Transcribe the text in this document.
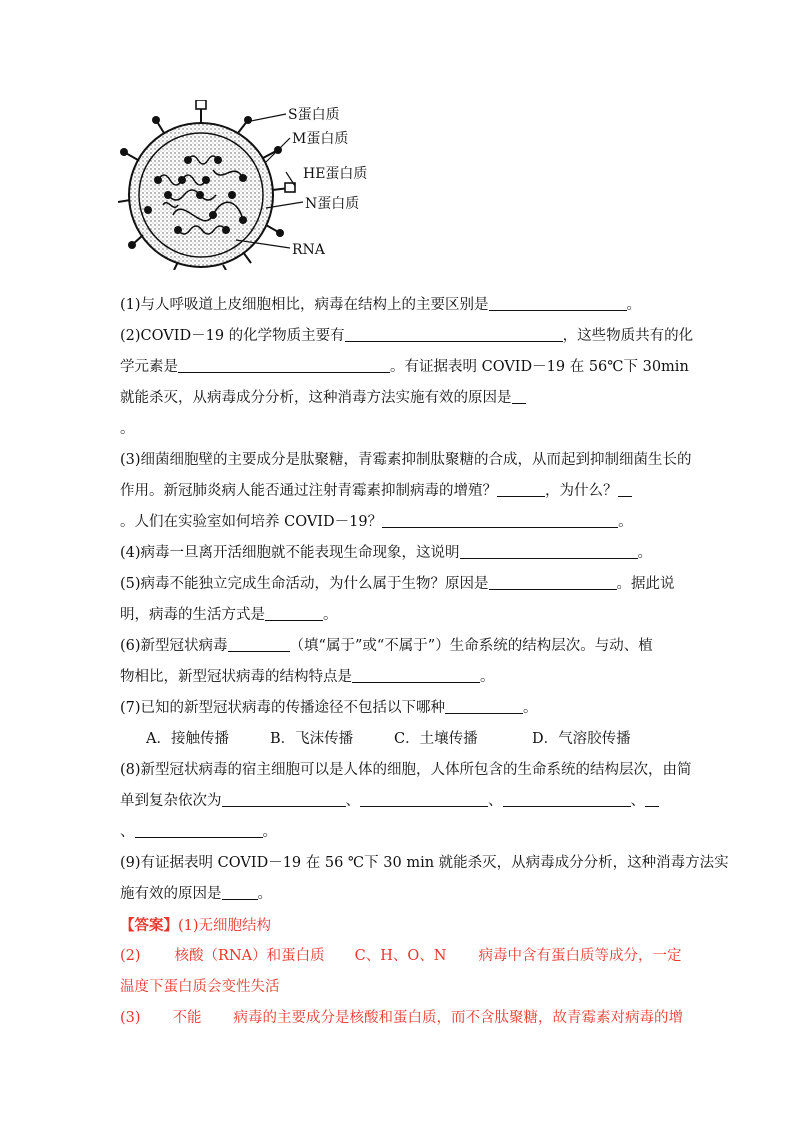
S蛋白质
M蛋白质
HE蛋白质
N蛋白质
RNA
(1)与人呼吸道上皮细胞相比，病毒在结构上的主要区别是	。
(2)COVID－19 的化学物质主要有	，这些物质共有的化
学元素是	。有证据表明 COVID－19 在 56℃下 30min
就能杀灭，从病毒成分分析，这种消毒方法实施有效的原因是
。
(3)细菌细胞壁的主要成分是肽聚糖，青霉素抑制肽聚糖的合成，从而起到抑制细菌生长的
作用。新冠肺炎病人能否通过注射青霉素抑制病毒的增殖？	，为什么？
。人们在实验室如何培养 COVID－19？	。
(4)病毒一旦离开活细胞就不能表现生命现象，这说明	。
(5)病毒不能独立完成生命活动，为什么属于生物？原因是	。据此说
明，病毒的生活方式是	。
(6)新型冠状病毒	（填“属于”或“不属于”）生命系统的结构层次。与动、植
物相比，新型冠状病毒的结构特点是	。
(7)已知的新型冠状病毒的传播途径不包括以下哪种	。
A．接触传播	B．飞沫传播	C．土壤传播	D．气溶胶传播
(8)新型冠状病毒的宿主细胞可以是人体的细胞，人体所包含的生命系统的结构层次，由简
单到复杂依次为	、	、	、
、	。
(9)有证据表明 COVID－19 在 56 ℃下 30 min 就能杀灭，从病毒成分分析，这种消毒方法实
施有效的原因是 。
【答案】(1)无细胞结构
(2) 核酸（RNA）和蛋白质 C、H、O、N 病毒中含有蛋白质等成分，一定
温度下蛋白质会变性失活
(3) 不能 病毒的主要成分是核酸和蛋白质，而不含肽聚糖，故青霉素对病毒的增
